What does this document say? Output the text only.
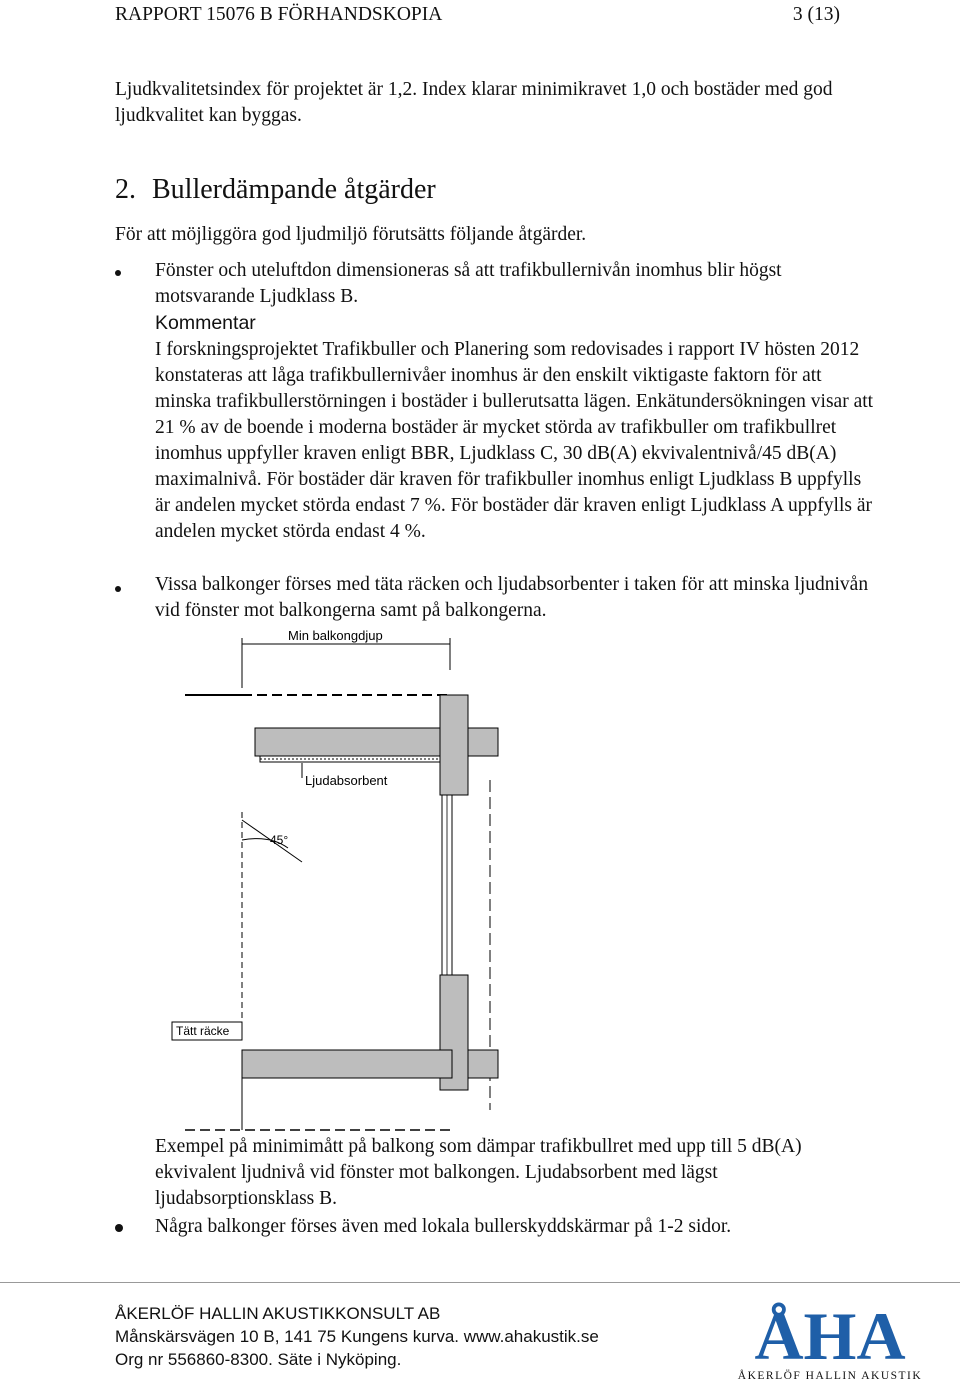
RAPPORT 15076 B FÖRHANDSKOPIA	3 (13)
Ljudkvalitetsindex för projektet är 1,2. Index klarar minimikravet 1,0 och bostäder med god ljudkvalitet kan byggas.
2. Bullerdämpande åtgärder
För att möjliggöra god ljudmiljö förutsätts följande åtgärder.
Fönster och uteluftdon dimensioneras så att trafikbullernivån inomhus blir högst motsvarande Ljudklass B.
Kommentar
I forskningsprojektet Trafikbuller och Planering som redovisades i rapport IV hösten 2012 konstateras att låga trafikbullernivåer inomhus är den enskilt viktigaste faktorn för att minska trafikbullerstörningen i bostäder i bullerutsatta lägen. Enkätundersökningen visar att 21 % av de boende i moderna bostäder är mycket störda av trafikbuller om trafikbullret inomhus uppfyller kraven enligt BBR, Ljudklass C, 30 dB(A) ekvivalentnivå/45 dB(A) maximalnivå. För bostäder där kraven för trafikbuller inomhus enligt Ljudklass B uppfylls är andelen mycket störda endast 7 %. För bostäder där kraven enligt Ljudklass A uppfylls är andelen mycket störda endast 4 %.
Vissa balkonger förses med täta räcken och ljudabsorbenter i taken för att minska ljudnivån vid fönster mot balkongerna samt på balkongerna.
Min balkongdjup
Ljudabsorbent
45°
Tätt räcke
Exempel på minimimått på balkong som dämpar trafikbullret med upp till 5 dB(A) ekvivalent ljudnivå vid fönster mot balkongen. Ljudabsorbent med lägst ljudabsorptionsklass B.
Några balkonger förses även med lokala bullerskyddskärmar på 1-2 sidor.
ÅKERLÖF HALLIN AKUSTIKKONSULT AB
Månskärsvägen 10 B, 141 75 Kungens kurva. www.ahakustik.se
Org nr 556860-8300. Säte i Nyköping.	ÅHA
ÅKERLÖF HALLIN AKUSTIK
